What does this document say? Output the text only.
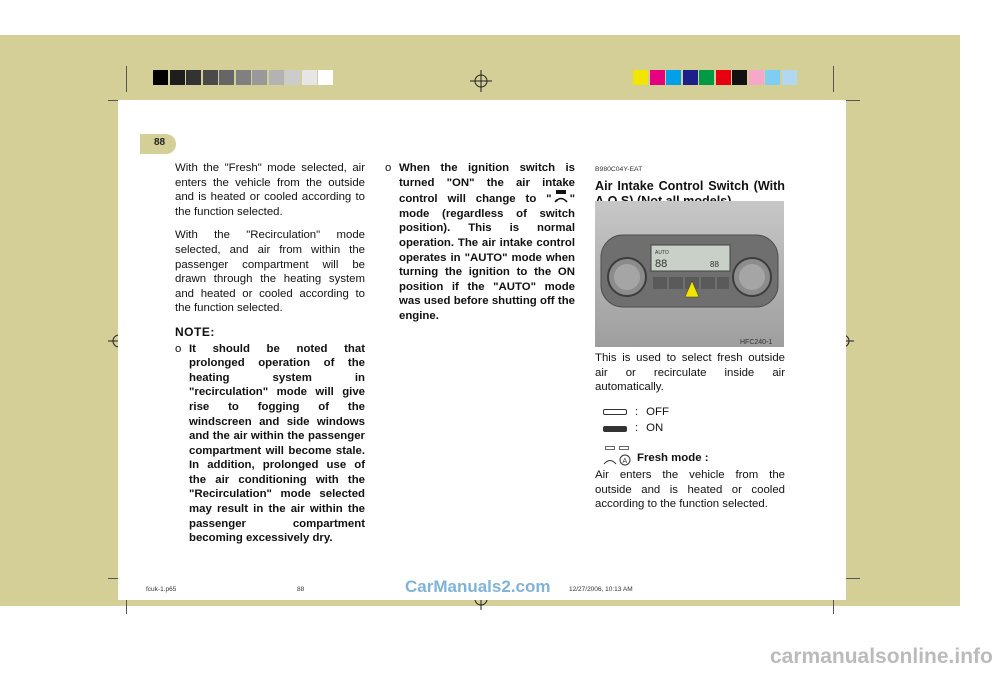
1 CONTROLS AND EQUIPMENT
88

With the "Fresh" mode selected, air enters the vehicle from the outside and is heated or cooled according to the function selected.

With the "Recirculation" mode selected, and air from within the passenger compartment will be drawn through the heating system and heated or cooled according to the function selected.

NOTE:
o It should be noted that prolonged operation of the heating system in "recirculation" mode will give rise to fogging of the windscreen and side windows and the air within the passenger compartment will become stale. In addition, prolonged use of the air conditioning with the "Recirculation" mode selected may result in the air within the passenger compartment becoming excessively dry.
o When the ignition switch is turned "ON" the air intake control will change to " " mode (regardless of switch position). This is normal operation. The air intake control operates in "AUTO" mode when turning the ignition to the ON position if the "AUTO" mode was used before shutting off the engine.
B980C04Y-EAT
Air Intake Control Switch (With
AUTO
88	88
HFC240-1

This is used to select fresh outside air or recirculate inside air automatically.

: OFF
: ON
A Fresh mode :

Air enters the vehicle from the outside and is heated or cooled according to the function selected.

fcuk-1.p65	88	12/27/2006, 10:13 AM
CarManuals2.com
carmanualsonline.info
